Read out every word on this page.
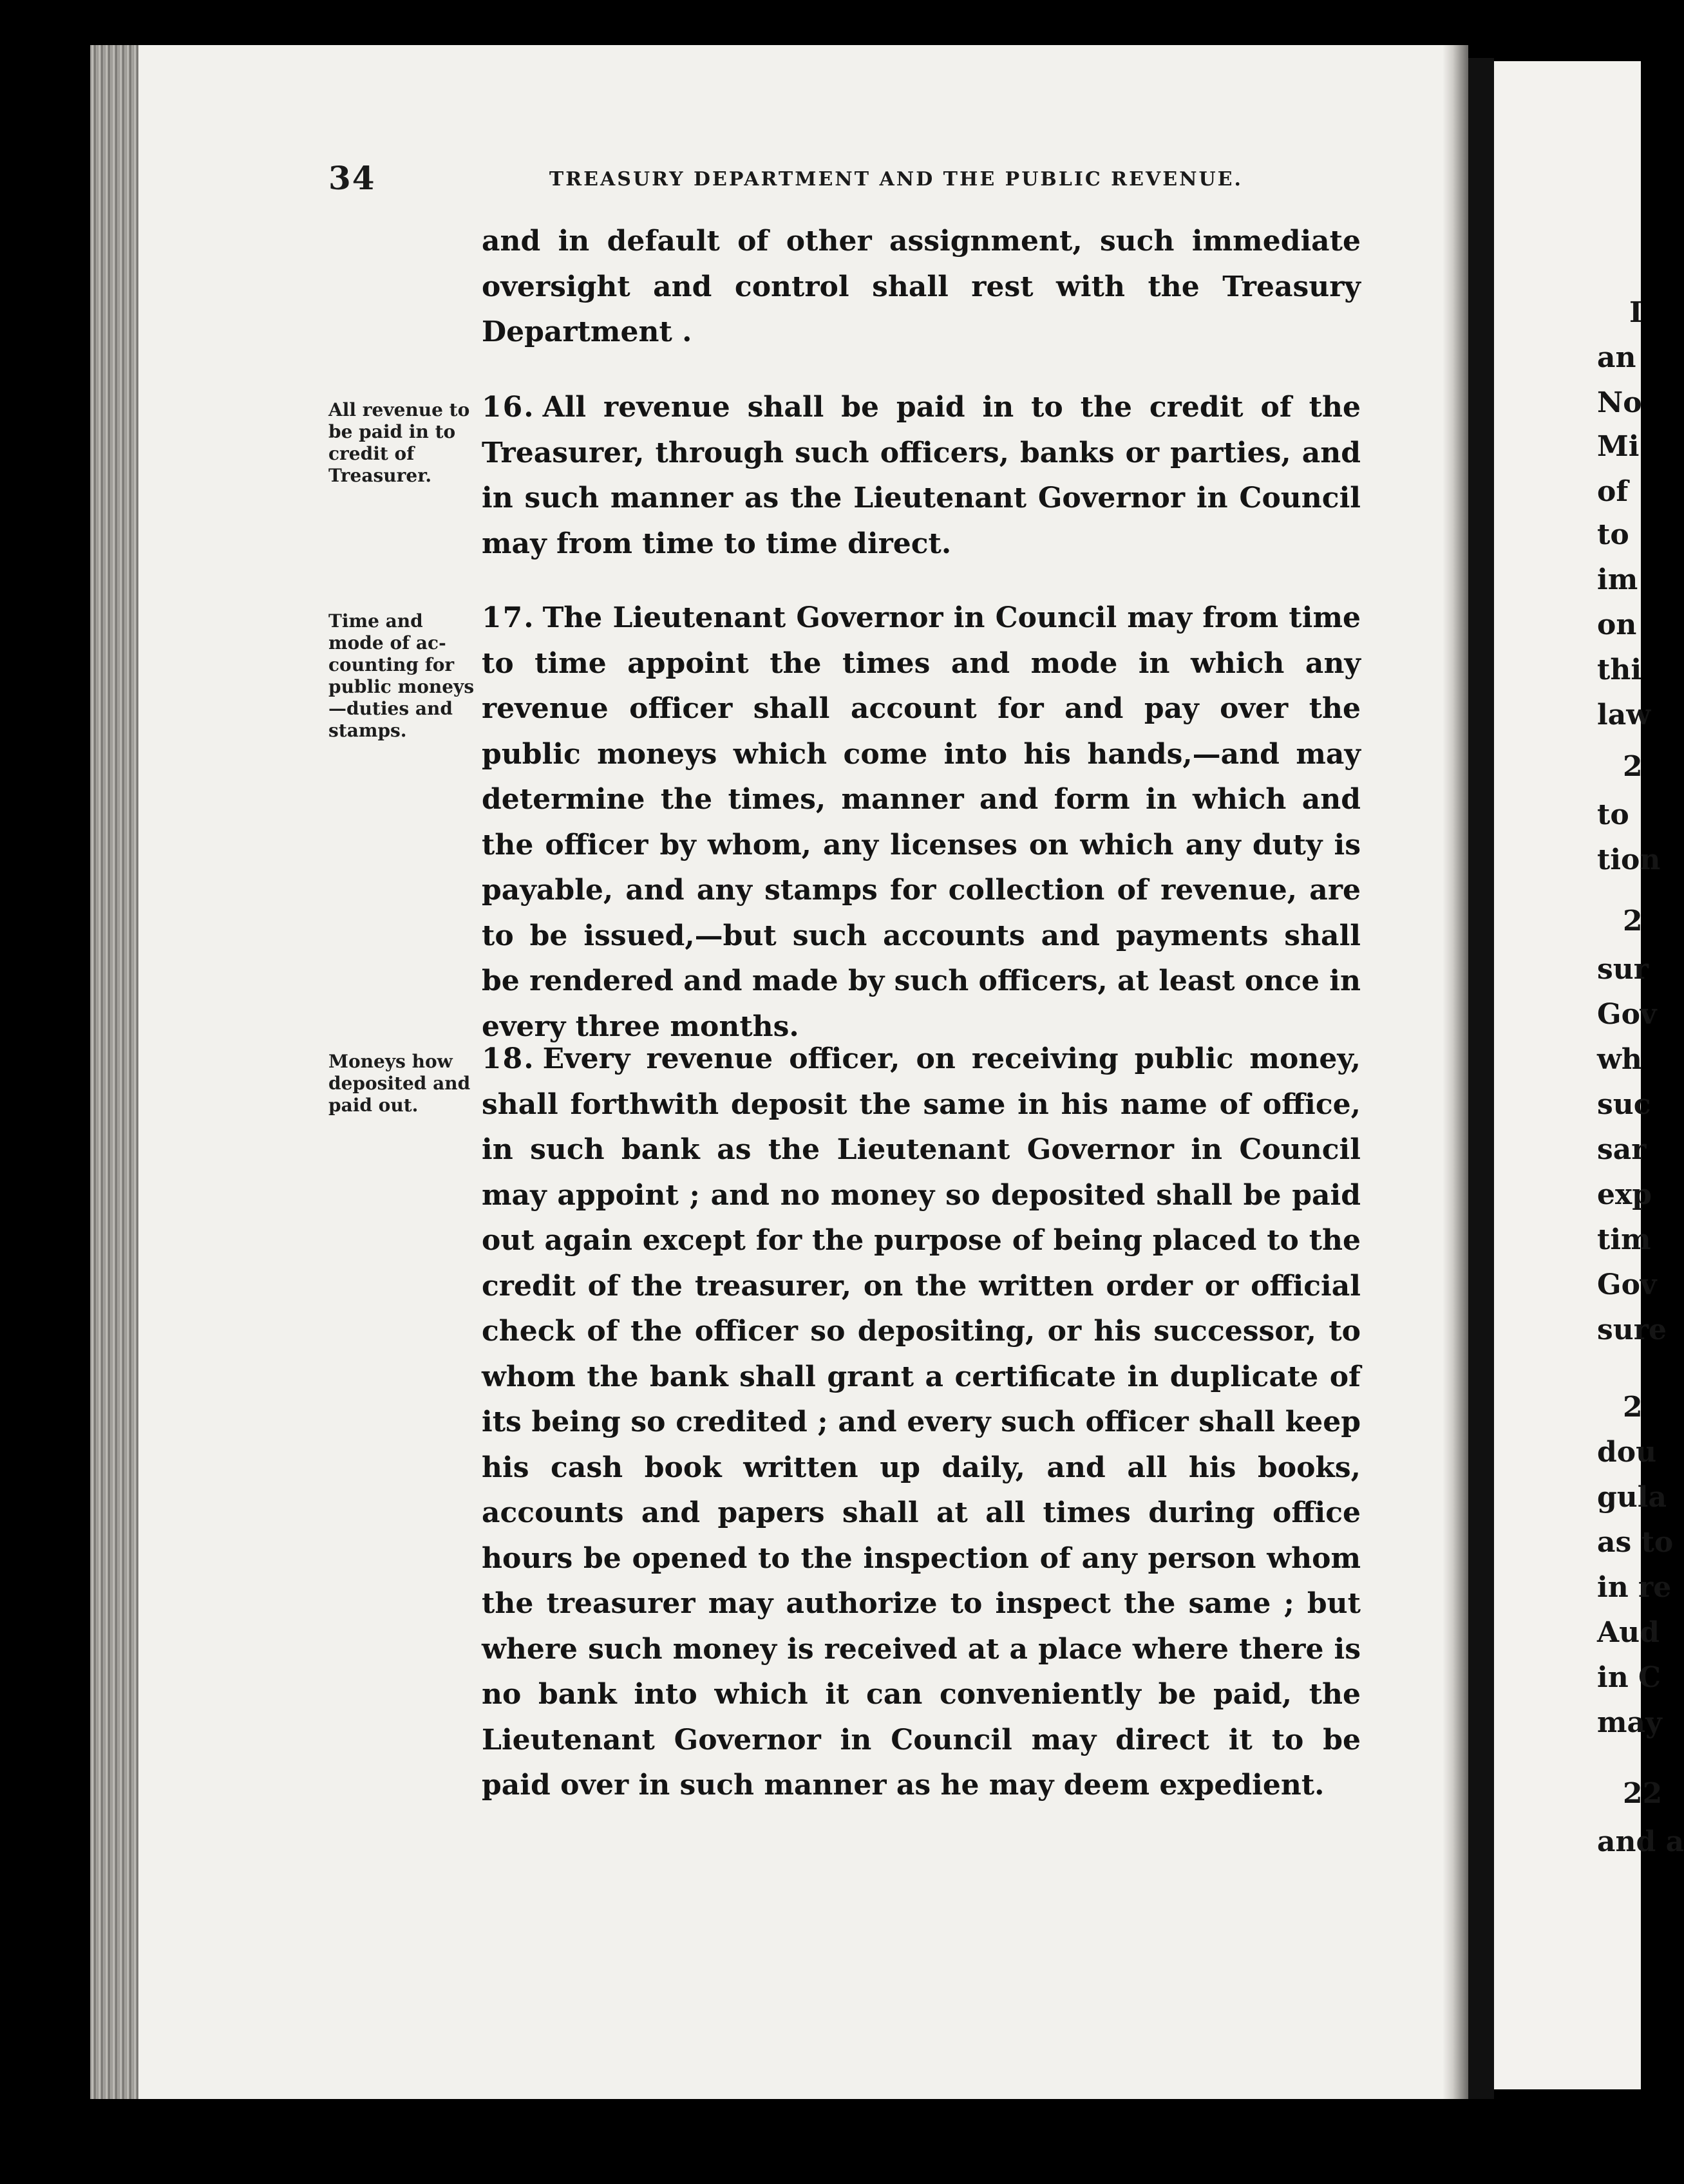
34	TREASURY DEPARTMENT AND THE PUBLIC REVENUE.

and in default of other assignment, such immediate oversight and control shall rest with the Treasury Department .

All revenue to
be paid in to
credit of
Treasurer.

16. All revenue shall be paid in to the credit of the Treasurer, through such officers, banks or parties, and in such manner as the Lieutenant Governor in Council may from time to time direct.

Time and
mode of ac-
counting for
public moneys
—duties and
stamps.

17. The Lieutenant Governor in Council may from time to time appoint the times and mode in which any revenue officer shall account for and pay over the public moneys which come into his hands,—and may determine the times, manner and form in which and the officer by whom, any licenses on which any duty is payable, and any stamps for collection of revenue, are to be issued,—but such accounts and payments shall be rendered and made by such officers, at least once in every three months.

Moneys how
deposited and
paid out.

18. Every revenue officer, on receiving public money, shall forthwith deposit the same in his name of office, in such bank as the Lieutenant Governor in Council may appoint ; and no money so deposited shall be paid out again except for the purpose of being placed to the credit of the treasurer, on the written order or official check of the officer so depositing, or his successor, to whom the bank shall grant a certificate in duplicate of its being so credited ; and every such officer shall keep his cash book written up daily, and all his books, accounts and papers shall at all times during office hours be opened to the inspection of any person whom the treasurer may authorize to inspect the same ; but where such money is received at a place where there is no bank into which it can conveniently be paid, the Lieutenant Governor in Council may direct it to be paid over in such manner as he may deem expedient.

I
an
No
Mi
of
to
im
on
thi
law
2
to
tion
2
sur
Gov
wh
suc
sar
exp
tim
Gov
sure
2
dou
gula
as to
in re
Aud
in C
may
22
and a
